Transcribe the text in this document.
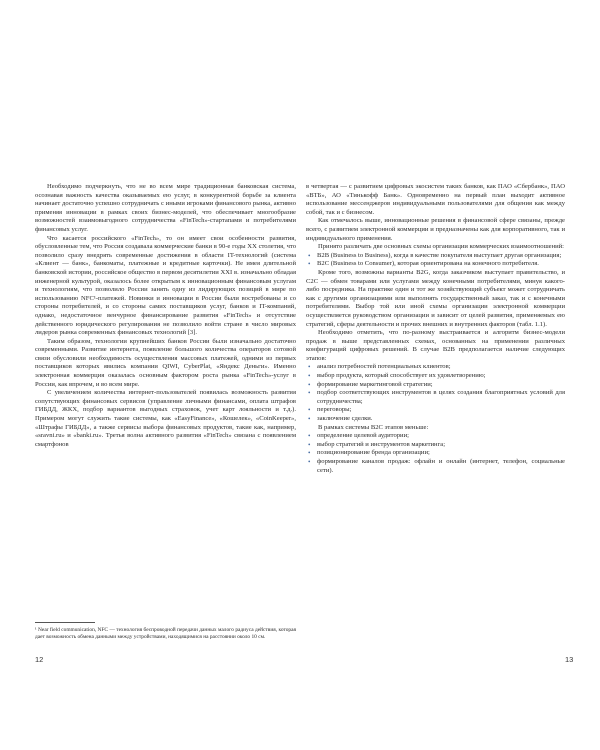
Необходимо подчеркнуть, что не во всем мире традиционная банковская система, осознавая важность качества оказываемых ею услуг, в конкурентной борьбе за клиента начинает достаточно успешно сотрудничать с иными игроками финансового рынка, активно применяя инновации в рамках своих бизнес-моделей, что обеспечивает многообразие возможностей взаимовыгодного сотрудничества «FinTech»-стартапами и потребителями финансовых услуг.

Что касается российского «FinTech», то он имеет свои особенности развития, обусловленные тем, что Россия создавала коммерческие банки в 90-е годы XX столетия, что позволило сразу внедрять современные достижения в области IT-технологий (система «Клиент — банк», банкоматы, платежные и кредитные карточки). Не имея длительной банковской истории, российское общество в первом десятилетии XXI в. изначально обладая инженерной культурой, оказалось более открытым к инновационным финансовым услугам и технологиям, что позволило России занять одну из лидирующих позиций в мире по использованию NFC¹-платежей. Новинки и инновации в России были востребованы и со стороны потребителей, и со стороны самих поставщиков услуг, банков и IT-компаний, однако, недостаточное венчурное финансирование развития «FinTech» и отсутствие действенного юридического регулирования не позволило войти стране в число мировых лидеров рынка современных финансовых технологий [3].

Таким образом, технологии крупнейших банков России были изначально достаточно современными. Развитие интернета, появление большого количества операторов сотовой связи обусловили необходимость осуществления массовых платежей, одними из первых поставщиков которых явились компании QIWI, CyberPlat, «Яндекс Деньги». Именно электронная коммерция оказалась основным фактором роста рынка «FinTech»-услуг в России, как впрочем, и во всем мире.

С увеличением количества интернет-пользователей появилась возможность развития сопутствующих финансовых сервисов (управление личными финансами, оплата штрафов ГИБДД, ЖКХ, подбор вариантов выгодных страховок, учет карт лояльности и т.д.). Примером могут служить такие системы, как «EasyFinance», «Кошелек», «CoinKeeper», «Штрафы ГИБДД», а также сервисы выбора финансовых продуктов, такие как, например, «sravni.ru» и «banki.ru». Третья волна активного развития «FinTech» связана с появлением смартфонов

¹ Near field communication, NFC — технология беспроводной передачи данных малого радиуса действия, которая дает возможность обмена данными между устройствами, находящимися на расстоянии около 10 см.
12

в четвертая — с развитием цифровых экосистем таких банков, как ПАО «Сбербанк», ПАО «ВТБ», АО «Тинькофф Банк». Одновременно на первый план выходит активное использование мессенджеров индивидуальными пользователями для общения как между собой, так и с бизнесом.

Как отмечалось выше, инновационные решения в финансовой сфере связаны, прежде всего, с развитием электронной коммерции и предназначены как для корпоративного, так и индивидуального применения.

Принято различать две основных схемы организации коммерческих взаимоотношений:

• B2B (Business to Business), когда в качестве покупателя выступает другая организация;
• B2C (Business to Consumer), которая ориентирована на конечного потребителя.

Кроме того, возможны варианты B2G, когда заказчиком выступает правительство, и C2C — обмен товарами или услугами между конечными потребителями, минуя какого-либо посредника. На практике один и тот же хозяйствующий субъект может сотрудничать как с другими организациями или выполнять государственный заказ, так и с конечными потребителями. Выбор той или иной схемы организации электронной коммерции осуществляется руководством организации и зависит от целей развития, применяемых ею стратегий, сферы деятельности и прочих внешних и внутренних факторов (табл. 1.1).

Необходимо отметить, что по-разному выстраивается и алгоритм бизнес-модели продаж в выше представленных схемах, основанных на применении различных конфигураций цифровых решений. В случае B2B предполагается наличие следующих этапов:

• анализ потребностей потенциальных клиентов;
• выбор продукта, который способствует их удовлетворению;
• формирование маркетинговой стратегии;
• подбор соответствующих инструментов в целях создания благоприятных условий для сотрудничества;
• переговоры;
• заключение сделки.

В рамках системы B2C этапов меньше:

• определение целевой аудитории;
• выбор стратегий и инструментов маркетинга;
• позиционирование бренда организации;
• формирование каналов продаж: офлайн и онлайн (интернет, телефон, социальные сети).
13
